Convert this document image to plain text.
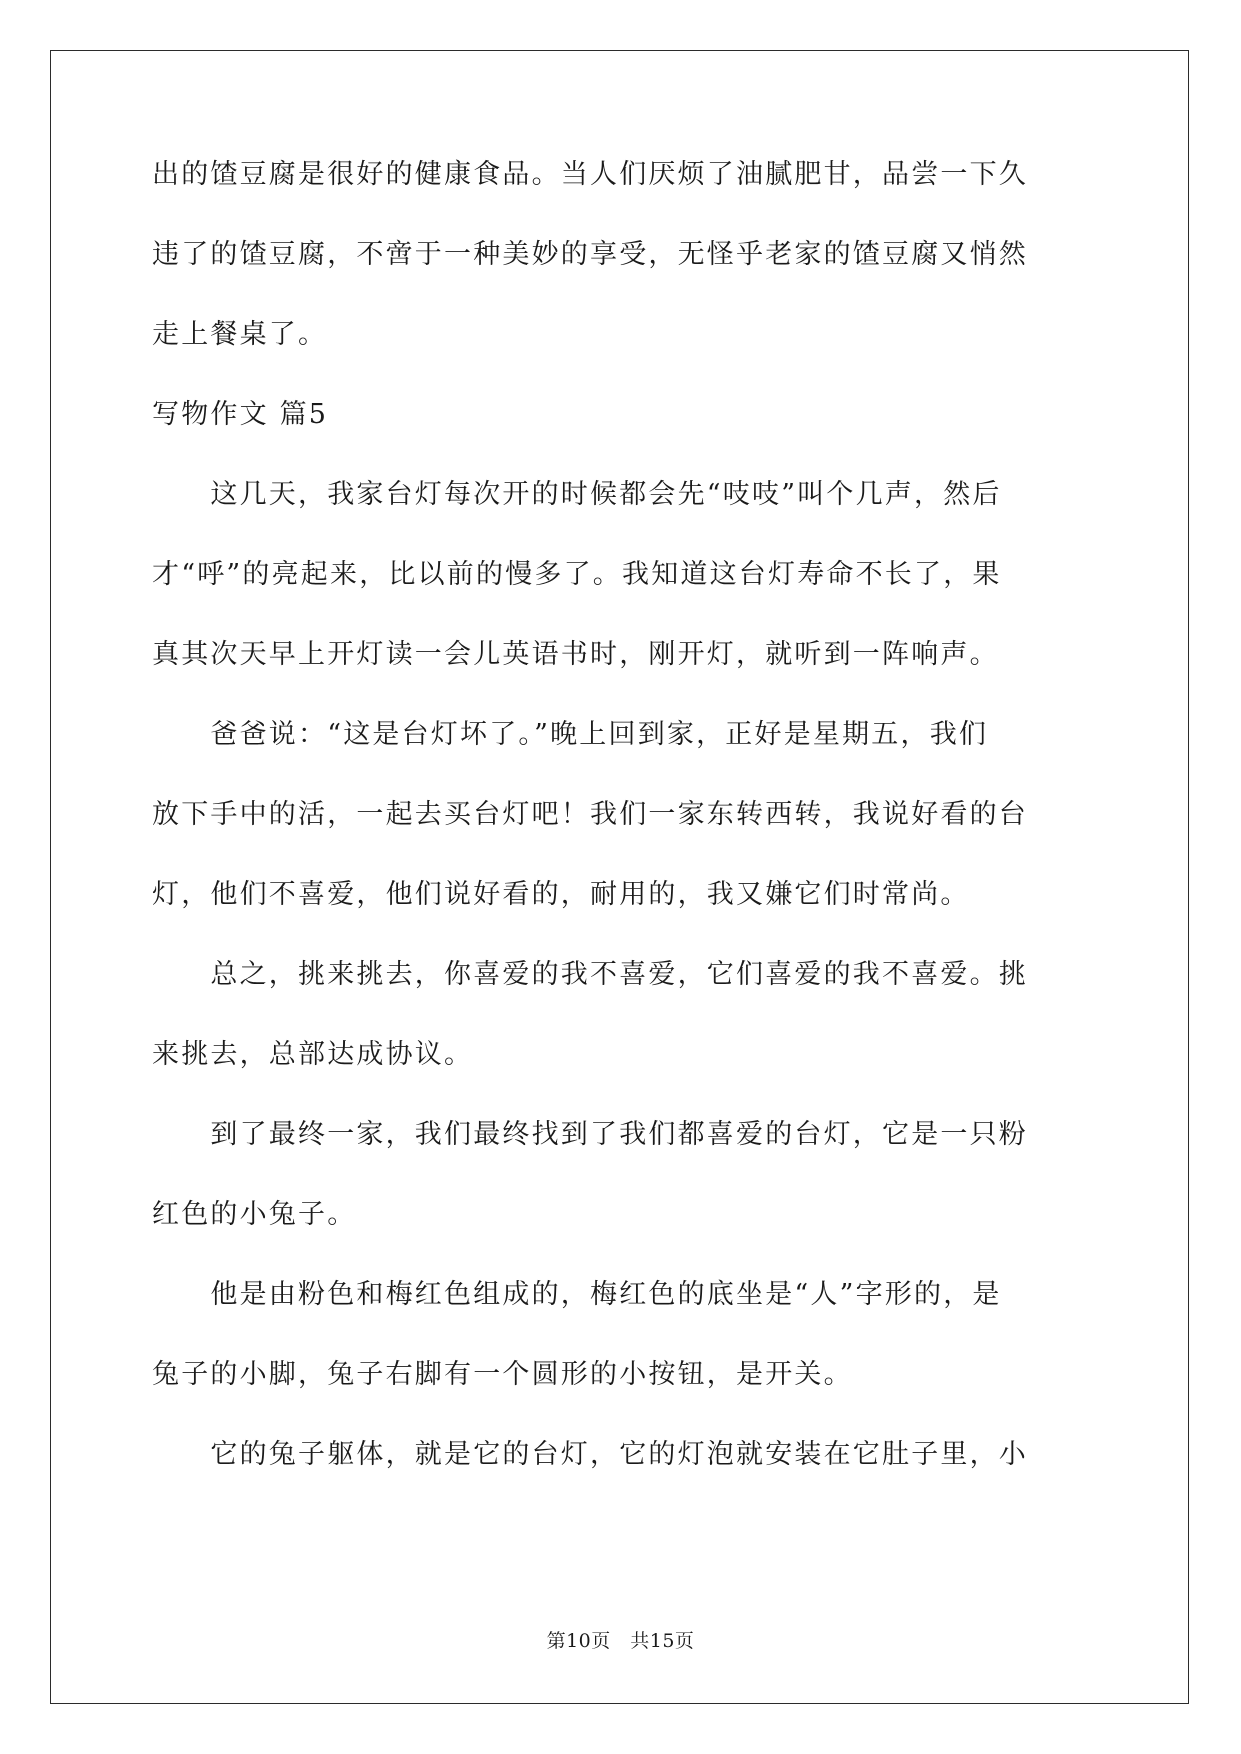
出的馇豆腐是很好的健康食品。当人们厌烦了油腻肥甘，品尝一下久
违了的馇豆腐，不啻于一种美妙的享受，无怪乎老家的馇豆腐又悄然
走上餐桌了。
写物作文 篇5
　　这几天，我家台灯每次开的时候都会先“吱吱”叫个几声，然后
才“呼”的亮起来，比以前的慢多了。我知道这台灯寿命不长了，果
真其次天早上开灯读一会儿英语书时，刚开灯，就听到一阵响声。
　　爸爸说：“这是台灯坏了。”晚上回到家，正好是星期五，我们
放下手中的活，一起去买台灯吧！我们一家东转西转，我说好看的台
灯，他们不喜爱，他们说好看的，耐用的，我又嫌它们时常尚。
　　总之，挑来挑去，你喜爱的我不喜爱，它们喜爱的我不喜爱。挑
来挑去，总部达成协议。
　　到了最终一家，我们最终找到了我们都喜爱的台灯，它是一只粉
红色的小兔子。
　　他是由粉色和梅红色组成的，梅红色的底坐是“人”字形的，是
兔子的小脚，兔子右脚有一个圆形的小按钮，是开关。
　　它的兔子躯体，就是它的台灯，它的灯泡就安装在它肚子里，小
第10页　共15页
